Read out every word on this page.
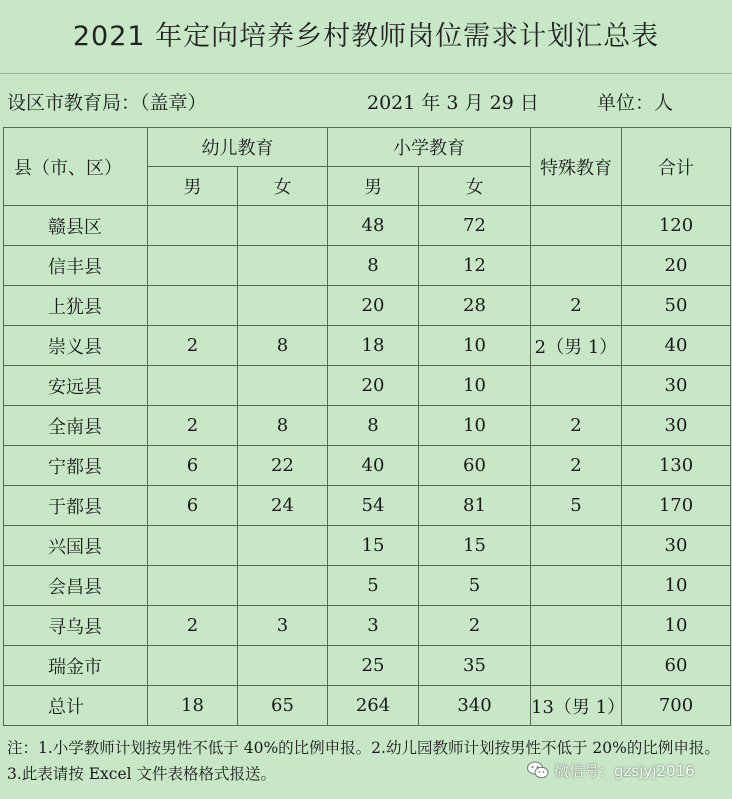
2021 年定向培养乡村教师岗位需求计划汇总表
设区市教育局：（盖章）	2021 年 3 月 29 日	单位：人
县（市、区）	幼儿教育		小学教育		特殊教育	合计
	男	女	男	女		
赣县区			48	72		120
信丰县			8	12		20
上犹县			20	28	2	50
崇义县	2	8	18	10	2（男 1）	40
安远县			20	10		30
全南县	2	8	8	10	2	30
宁都县	6	22	40	60	2	130
于都县	6	24	54	81	5	170
兴国县			15	15		30
会昌县			5	5		10
寻乌县	2	3	3	2		10
瑞金市			25	35		60
总计	18	65	264	340	13（男 1）	700
注：1.小学教师计划按男性不低于 40%的比例申报。2.幼儿园教师计划按男性不低于 20%的比例申报。3.此表请按 Excel 文件表格格式报送。	微信号：gzsjyj2016
